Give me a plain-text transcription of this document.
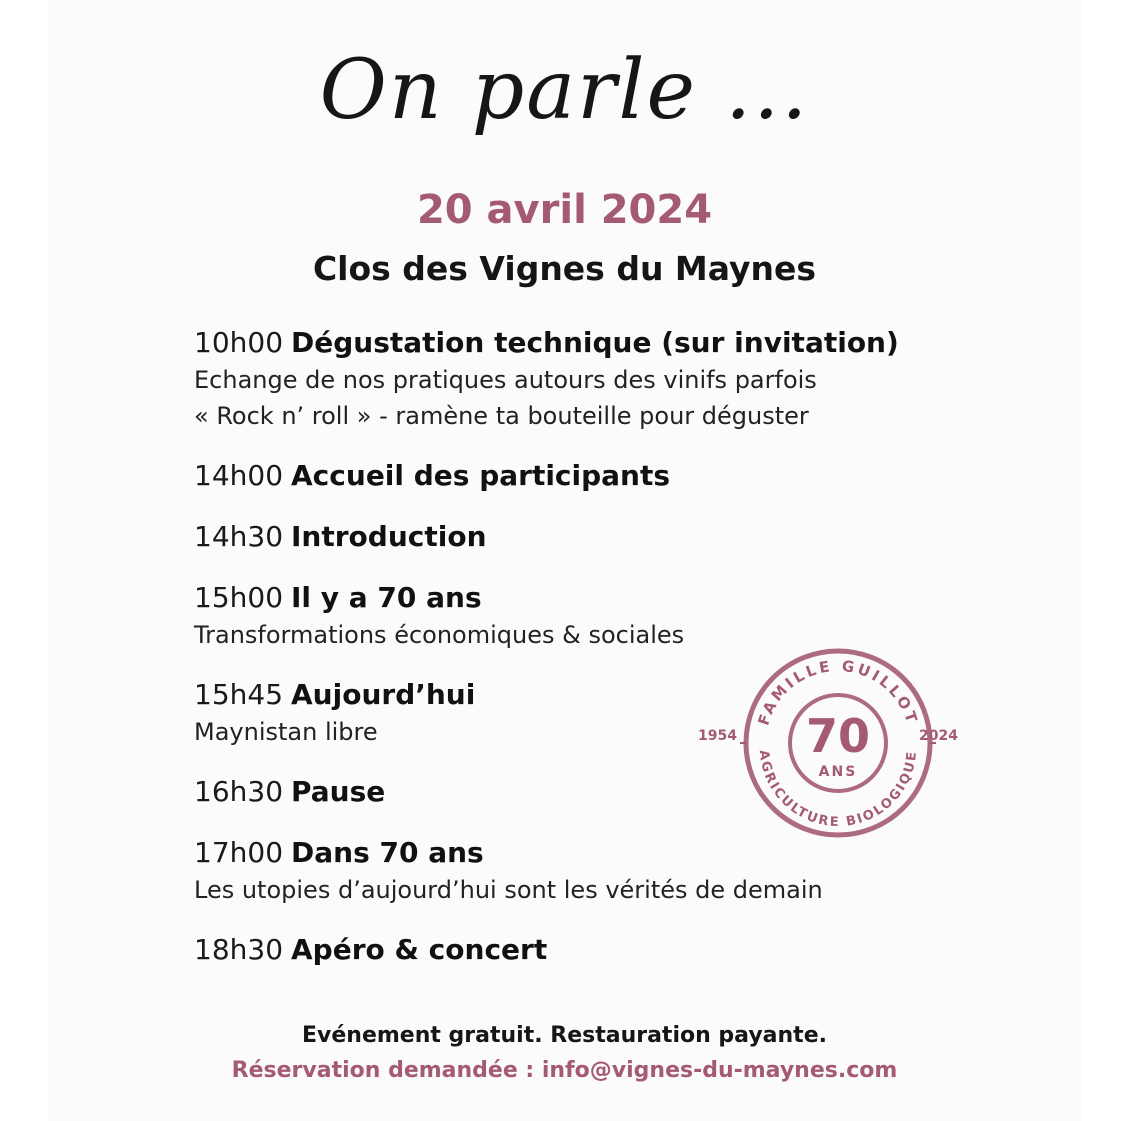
On parle ...
20 avril 2024
Clos des Vignes du Maynes
10h00 Dégustation technique (sur invitation)
Echange de nos pratiques autours des vinifs parfois
« Rock n’ roll » - ramène ta bouteille pour déguster
14h00 Accueil des participants
14h30 Introduction
15h00 Il y a 70 ans
Transformations économiques & sociales
15h45 Aujourd’hui
Maynistan libre
16h30 Pause
17h00 Dans 70 ans
Les utopies d’aujourd’hui sont les vérités de demain
18h30 Apéro & concert
FAMILLE GUILLOT
AGRICULTURE BIOLOGIQUE
70
ANS
1954	2024
Evénement gratuit. Restauration payante.
Réservation demandée : info@vignes-du-maynes.com
